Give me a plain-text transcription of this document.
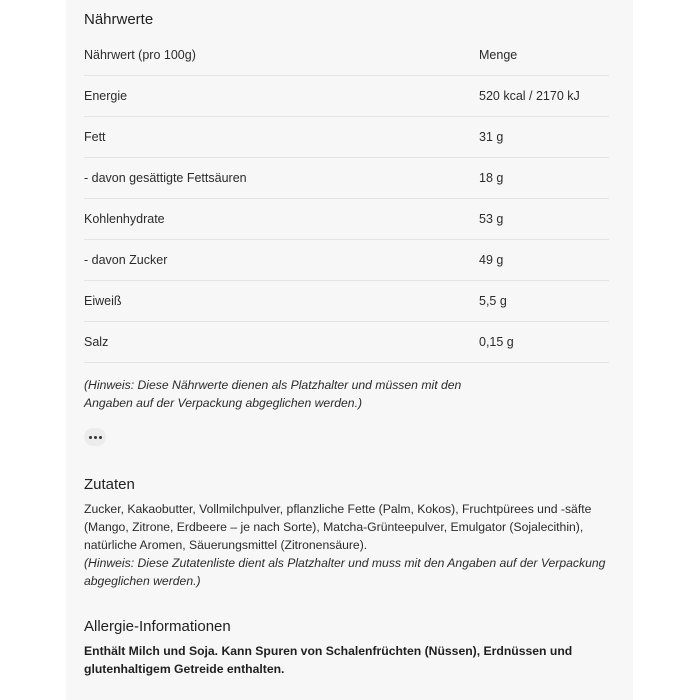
Nährwerte
Nährwert (pro 100g)	Menge
Energie	520 kcal / 2170 kJ
Fett	31 g
- davon gesättigte Fettsäuren	18 g
Kohlenhydrate	53 g
- davon Zucker	49 g
Eiweiß	5,5 g
Salz	0,15 g

(Hinweis: Diese Nährwerte dienen als Platzhalter und müssen mit den

Angaben auf der Verpackung abgeglichen werden.)

Zutaten

Zucker, Kakaobutter, Vollmilchpulver, pflanzliche Fette (Palm, Kokos), Fruchtpürees und -säfte

(Mango, Zitrone, Erdbeere – je nach Sorte), Matcha-Grünteepulver, Emulgator (Sojalecithin),

natürliche Aromen, Säuerungsmittel (Zitronensäure).

(Hinweis: Diese Zutatenliste dient als Platzhalter und muss mit den Angaben auf der Verpackung

abgeglichen werden.)

Allergie-Informationen

Enthält Milch und Soja. Kann Spuren von Schalenfrüchten (Nüssen), Erdnüssen und

glutenhaltigem Getreide enthalten.
